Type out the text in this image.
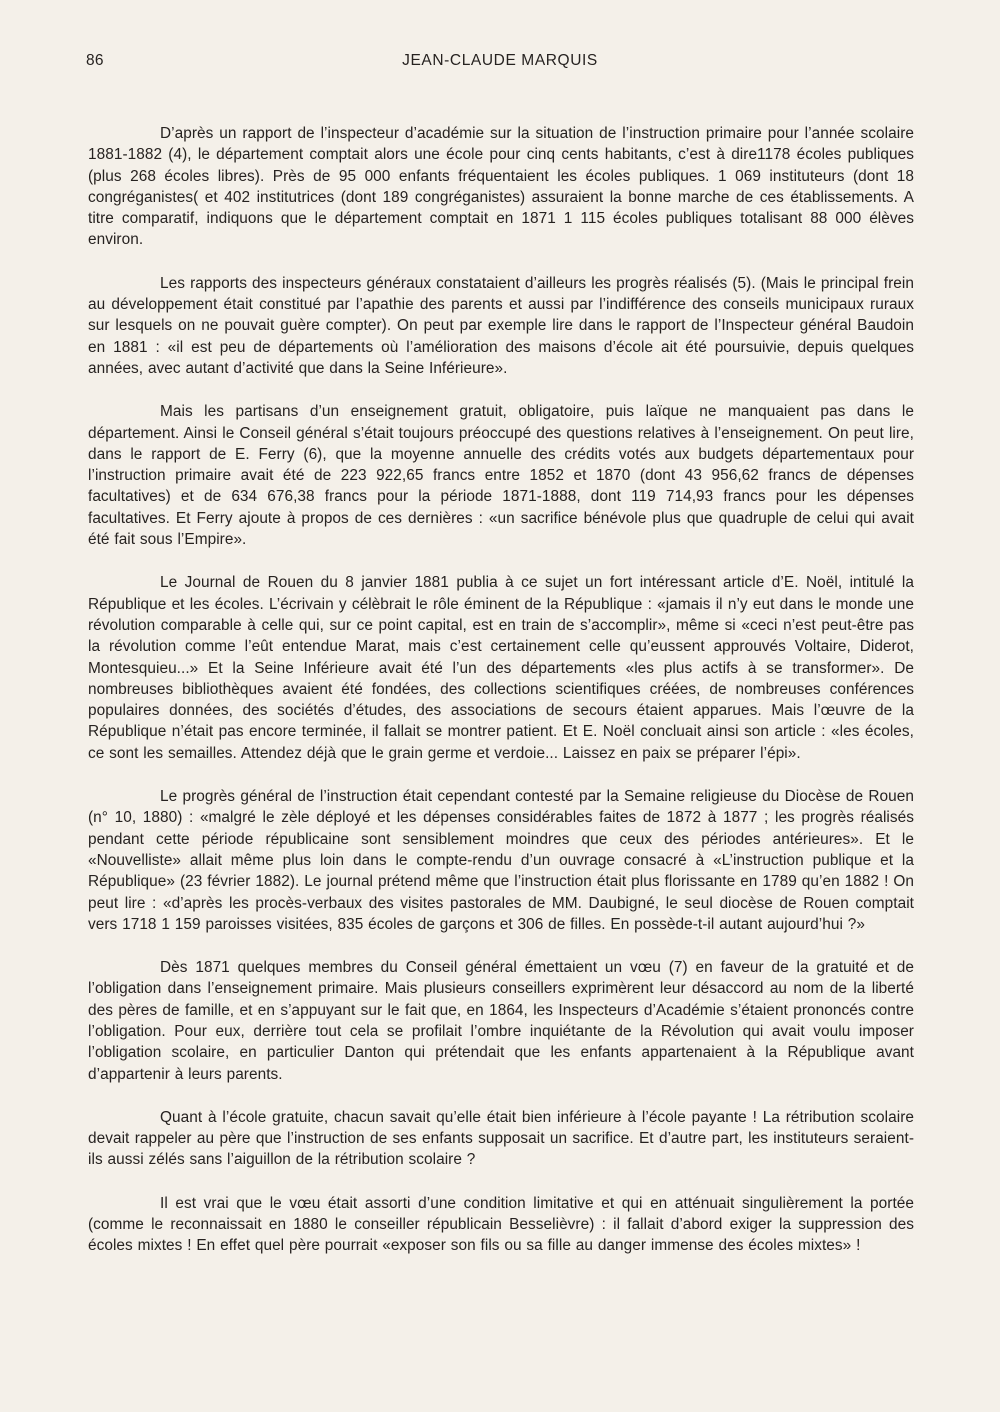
86	JEAN-CLAUDE MARQUIS

D’après un rapport de l’inspecteur d’académie sur la situation de l’instruction primaire pour l’année scolaire 1881-1882 (4), le département comptait alors une école pour cinq cents habitants, c’est à dire1178 écoles publiques (plus 268 écoles libres). Près de 95 000 enfants fréquentaient les écoles publiques. 1 069 instituteurs (dont 18 congréganistes( et 402 institutrices (dont 189 congréganistes) assuraient la bonne marche de ces établissements. A titre comparatif, indiquons que le département comptait en 1871 1 115 écoles publiques totalisant 88 000 élèves environ.

Les rapports des inspecteurs généraux constataient d’ailleurs les progrès réalisés (5). (Mais le principal frein au développement était constitué par l’apathie des parents et aussi par l’indifférence des conseils municipaux ruraux sur lesquels on ne pouvait guère compter). On peut par exemple lire dans le rapport de l’Inspecteur général Baudoin en 1881 : «il est peu de départements où l’amélioration des maisons d’école ait été poursuivie, depuis quelques années, avec autant d’activité que dans la Seine Inférieure».

Mais les partisans d’un enseignement gratuit, obligatoire, puis laïque ne manquaient pas dans le département. Ainsi le Conseil général s’était toujours préoccupé des questions relatives à l’enseignement. On peut lire, dans le rapport de E. Ferry (6), que la moyenne annuelle des crédits votés aux budgets départementaux pour l’instruction primaire avait été de 223 922,65 francs entre 1852 et 1870 (dont 43 956,62 francs de dépenses facultatives) et de 634 676,38 francs pour la période 1871-1888, dont 119 714,93 francs pour les dépenses facultatives. Et Ferry ajoute à propos de ces dernières : «un sacrifice bénévole plus que quadruple de celui qui avait été fait sous l’Empire».

Le Journal de Rouen du 8 janvier 1881 publia à ce sujet un fort intéressant article d’E. Noël, intitulé la République et les écoles. L’écrivain y célèbrait le rôle éminent de la République : «jamais il n’y eut dans le monde une révolution comparable à celle qui, sur ce point capital, est en train de s’accomplir», même si «ceci n’est peut-être pas la révolution comme l’eût entendue Marat, mais c’est certainement celle qu’eussent approuvés Voltaire, Diderot, Montesquieu...» Et la Seine Inférieure avait été l’un des départements «les plus actifs à se transformer». De nombreuses bibliothèques avaient été fondées, des collections scientifiques créées, de nombreuses conférences populaires données, des sociétés d’études, des associations de secours étaient apparues. Mais l’œuvre de la République n’était pas encore terminée, il fallait se montrer patient. Et E. Noël concluait ainsi son article : «les écoles, ce sont les semailles. Attendez déjà que le grain germe et verdoie... Laissez en paix se préparer l’épi».

Le progrès général de l’instruction était cependant contesté par la Semaine religieuse du Diocèse de Rouen (n° 10, 1880) : «malgré le zèle déployé et les dépenses considérables faites de 1872 à 1877 ; les progrès réalisés pendant cette période républicaine sont sensiblement moindres que ceux des périodes antérieures». Et le «Nouvelliste» allait même plus loin dans le compte-rendu d’un ouvrage consacré à «L’instruction publique et la République» (23 février 1882). Le journal prétend même que l’instruction était plus florissante en 1789 qu’en 1882 ! On peut lire : «d’après les procès-verbaux des visites pastorales de MM. Daubigné, le seul diocèse de Rouen comptait vers 1718 1 159 paroisses visitées, 835 écoles de garçons et 306 de filles. En possède-t-il autant aujourd’hui ?»

Dès 1871 quelques membres du Conseil général émettaient un vœu (7) en faveur de la gratuité et de l’obligation dans l’enseignement primaire. Mais plusieurs conseillers exprimèrent leur désaccord au nom de la liberté des pères de famille, et en s’appuyant sur le fait que, en 1864, les Inspecteurs d’Académie s’étaient prononcés contre l’obligation. Pour eux, derrière tout cela se profilait l’ombre inquiétante de la Révolution qui avait voulu imposer l’obligation scolaire, en particulier Danton qui prétendait que les enfants appartenaient à la République avant d’appartenir à leurs parents.

Quant à l’école gratuite, chacun savait qu’elle était bien inférieure à l’école payante ! La rétribution scolaire devait rappeler au père que l’instruction de ses enfants supposait un sacrifice. Et d’autre part, les instituteurs seraient-ils aussi zélés sans l’aiguillon de la rétribution scolaire ?

Il est vrai que le vœu était assorti d’une condition limitative et qui en atténuait singulièrement la portée (comme le reconnaissait en 1880 le conseiller républicain Besselièvre) : il fallait d’abord exiger la suppression des écoles mixtes ! En effet quel père pourrait «exposer son fils ou sa fille au danger immense des écoles mixtes» !
